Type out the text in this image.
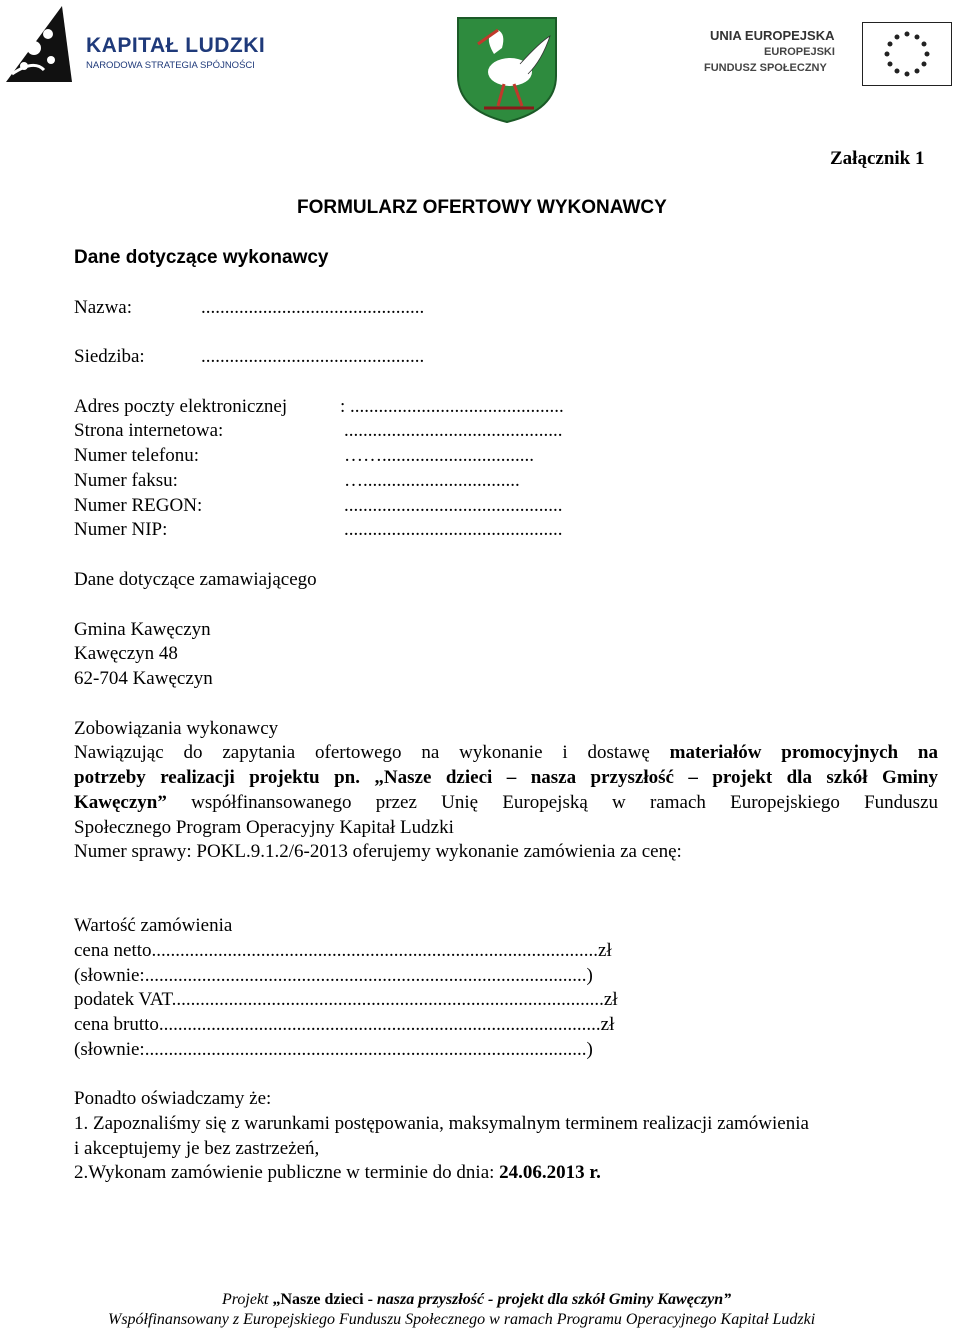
KAPITAŁ LUDZKI
NARODOWA STRATEGIA SPÓJNOŚCI
UNIA EUROPEJSKA
EUROPEJSKI
FUNDUSZ SPOŁECZNY
Załącznik 1
FORMULARZ OFERTOWY WYKONAWCY
Dane dotyczące wykonawcy
Nazwa:	...............................................
Siedziba:	...............................................
Adres poczty elektronicznej	: .............................................
Strona internetowa:	..............................................
Numer telefonu:	……................................
Numer faksu:	….................................
Numer REGON:	..............................................
Numer NIP:	..............................................
Dane dotyczące zamawiającego
Gmina Kawęczyn
Kawęczyn 48
62-704 Kawęczyn
Zobowiązania wykonawcy
Nawiązując do zapytania ofertowego na wykonanie i dostawę materiałów promocyjnych na
potrzeby realizacji projektu pn. „Nasze dzieci – nasza przyszłość – projekt dla szkół Gminy
Kawęczyn” współfinansowanego przez Unię Europejską w ramach Europejskiego Funduszu
Społecznego Program Operacyjny Kapitał Ludzki
Numer sprawy: POKL.9.1.2/6-2013 oferujemy wykonanie zamówienia za cenę:
Wartość zamówienia
cena netto..............................................................................................zł
(słownie:.............................................................................................)
podatek VAT...........................................................................................zł
cena brutto.............................................................................................zł
(słownie:.............................................................................................)
Ponadto oświadczamy że:
1. Zapoznaliśmy się z warunkami postępowania, maksymalnym terminem realizacji zamówienia
i akceptujemy je bez zastrzeżeń,
2.Wykonam zamówienie publiczne w terminie do dnia: 24.06.2013 r.
Projekt „Nasze dzieci - nasza przyszłość - projekt dla szkół Gminy Kawęczyn”
Współfinansowany z Europejskiego Funduszu Społecznego w ramach Programu Operacyjnego Kapitał Ludzki
